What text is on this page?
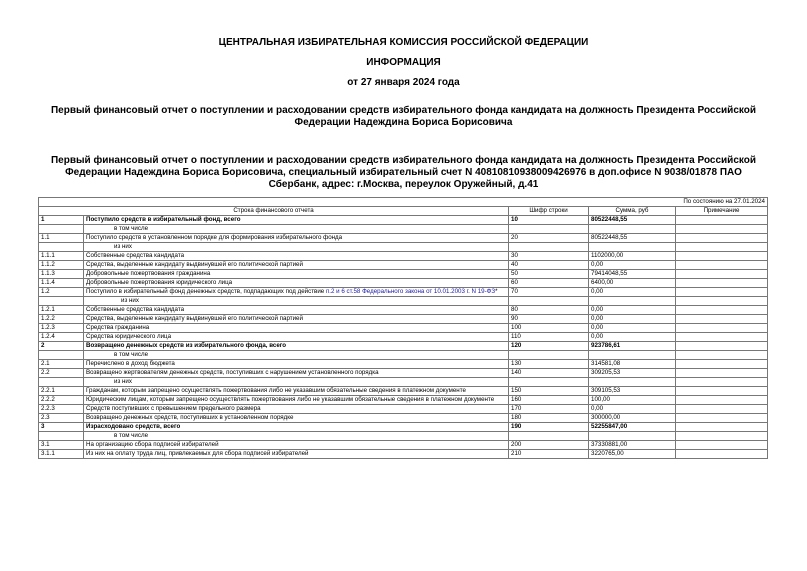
ЦЕНТРАЛЬНАЯ ИЗБИРАТЕЛЬНАЯ КОМИССИЯ РОССИЙСКОЙ ФЕДЕРАЦИИ
ИНФОРМАЦИЯ
от 27 января 2024 года
Первый финансовый отчет о поступлении и расходовании средств избирательного фонда кандидата на должность Президента Российской Федерации Надеждина Бориса Борисовича
Первый финансовый отчет о поступлении и расходовании средств избирательного фонда кандидата на должность Президента Российской Федерации Надеждина Бориса Борисовича, специальный избирательный счет N 40810810938009426976 в доп.офисе N 9038/01878 ПАО Сбербанк, адрес: г.Москва, переулок Оружейный, д.41
По состоянию на 27.01.2024				
Строка финансового отчета		Шифр строки	Сумма, руб	Примечание
1	Поступило средств в избирательный фонд, всего	10	80522448,55	
	в том числе			
1.1	Поступило средств в установленном порядке для формирования избирательного фонда	20	80522448,55	
	из них			
1.1.1	Собственные средства кандидата	30	1102000,00	
1.1.2	Средства, выделенные кандидату выдвинувшей его политической партией	40	0,00	
1.1.3	Добровольные пожертвования гражданина	50	79414048,55	
1.1.4	Добровольные пожертвования юридического лица	60	6400,00	
1.2	Поступило в избирательный фонд денежных средств, подпадающих под действие п.2 и 6 ст.58 Федерального закона от 10.01.2003 г. N 19-ФЗ*	70	0,00	
	из них			
1.2.1	Собственные средства кандидата	80	0,00	
1.2.2	Средства, выделенные кандидату выдвинувшей его политической партией	90	0,00	
1.2.3	Средства гражданина	100	0,00	
1.2.4	Средства юридического лица	110	0,00	
2	Возвращено денежных средств из избирательного фонда, всего	120	923786,61	
	в том числе			
2.1	Перечислено в доход бюджета	130	314581,08	
2.2	Возвращено жертвователям денежных средств, поступивших с нарушением установленного порядка	140	309205,53	
	из них			
2.2.1	Гражданам, которым запрещено осуществлять пожертвования либо не указавшим обязательные сведения в платежном документе	150	309105,53	
2.2.2	Юридическим лицам, которым запрещено осуществлять пожертвования либо не указавшим обязательные сведения в платежном документе	160	100,00	
2.2.3	Средств поступивших с превышением предельного размера	170	0,00	
2.3	Возвращено денежных средств, поступивших в установленном порядке	180	300000,00	
3	Израсходовано средств, всего	190	52255847,00	
	в том числе			
3.1	На организацию сбора подписей избирателей	200	37330881,00	
3.1.1	Из них на оплату труда лиц, привлекаемых для сбора подписей избирателей	210	3220765,00	
